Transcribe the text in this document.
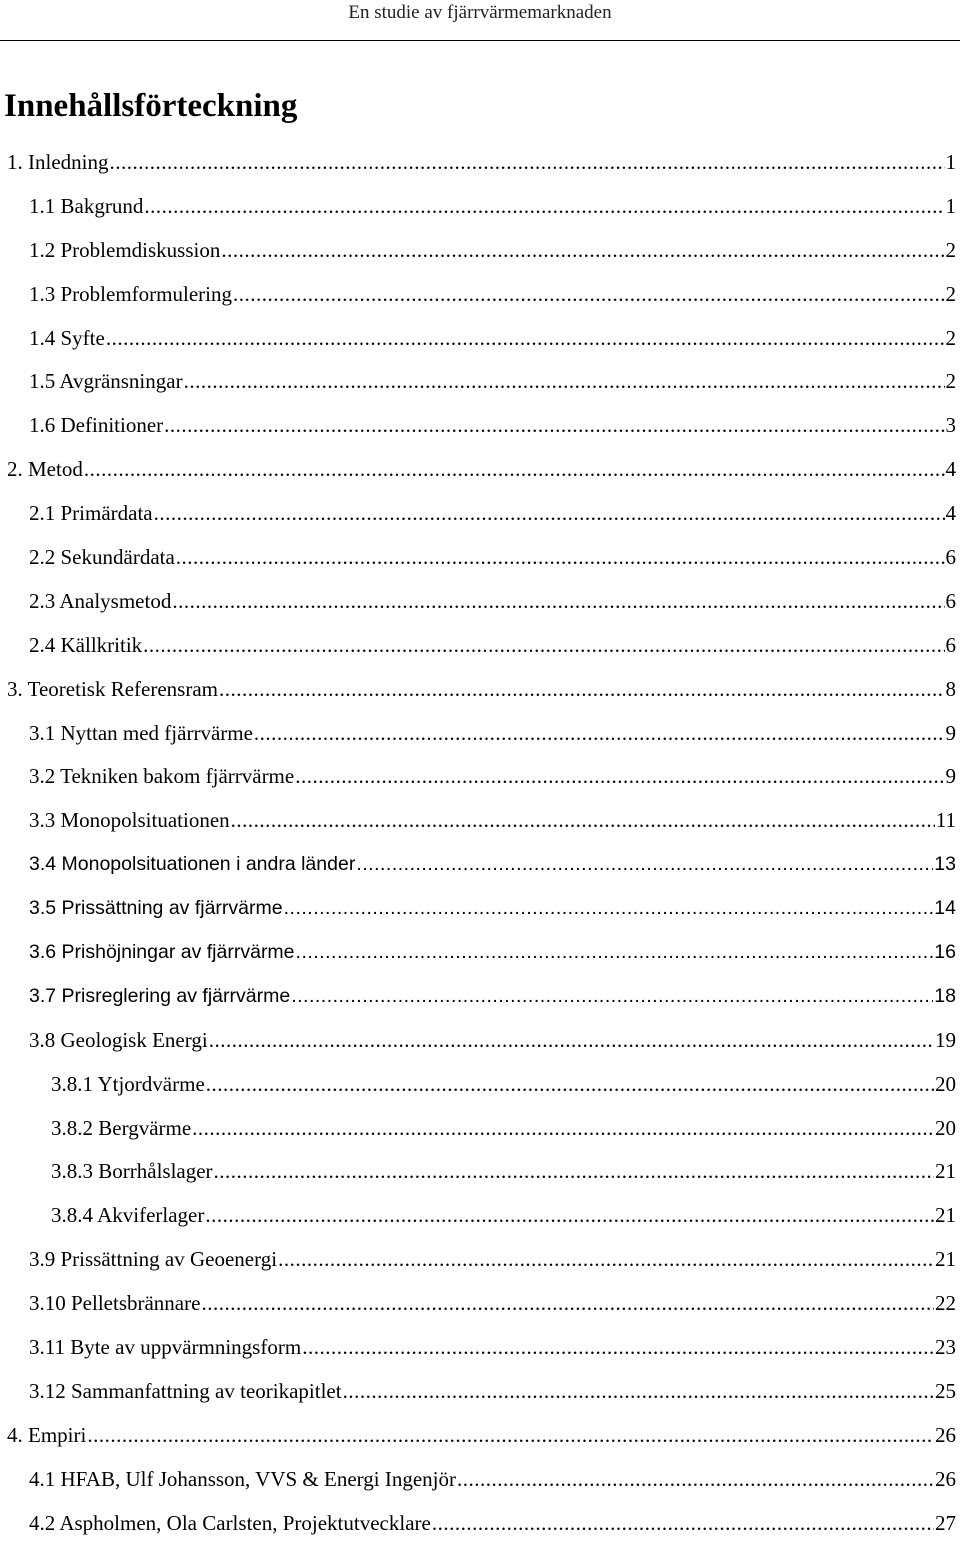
En studie av fjärrvärmemarknaden
Innehållsförteckning
1. Inledning .....	1
1.1 Bakgrund .....	1
1.2 Problemdiskussion .....	2
1.3 Problemformulering .....	2
1.4 Syfte .....	2
1.5 Avgränsningar .....	2
1.6 Definitioner .....	3
2. Metod .....	4
2.1 Primärdata .....	4
2.2 Sekundärdata .....	6
2.3 Analysmetod .....	6
2.4 Källkritik .....	6
3. Teoretisk Referensram .....	8
3.1 Nyttan med fjärrvärme .....	9
3.2 Tekniken bakom fjärrvärme .....	9
3.3 Monopolsituationen .....	11
3.4 Monopolsituationen i andra länder .....	13
3.5 Prissättning av fjärrvärme .....	14
3.6 Prishöjningar av fjärrvärme .....	16
3.7 Prisreglering av fjärrvärme .....	18
3.8 Geologisk Energi .....	19
3.8.1 Ytjordvärme .....	20
3.8.2 Bergvärme .....	20
3.8.3 Borrhålslager .....	21
3.8.4 Akviferlager .....	21
3.9 Prissättning av Geoenergi .....	21
3.10 Pelletsbrännare .....	22
3.11 Byte av uppvärmningsform .....	23
3.12 Sammanfattning av teorikapitlet .....	25
4. Empiri .....	26
4.1 HFAB, Ulf Johansson, VVS & Energi Ingenjör .....	26
4.2 Aspholmen, Ola Carlsten, Projektutvecklare .....	27
